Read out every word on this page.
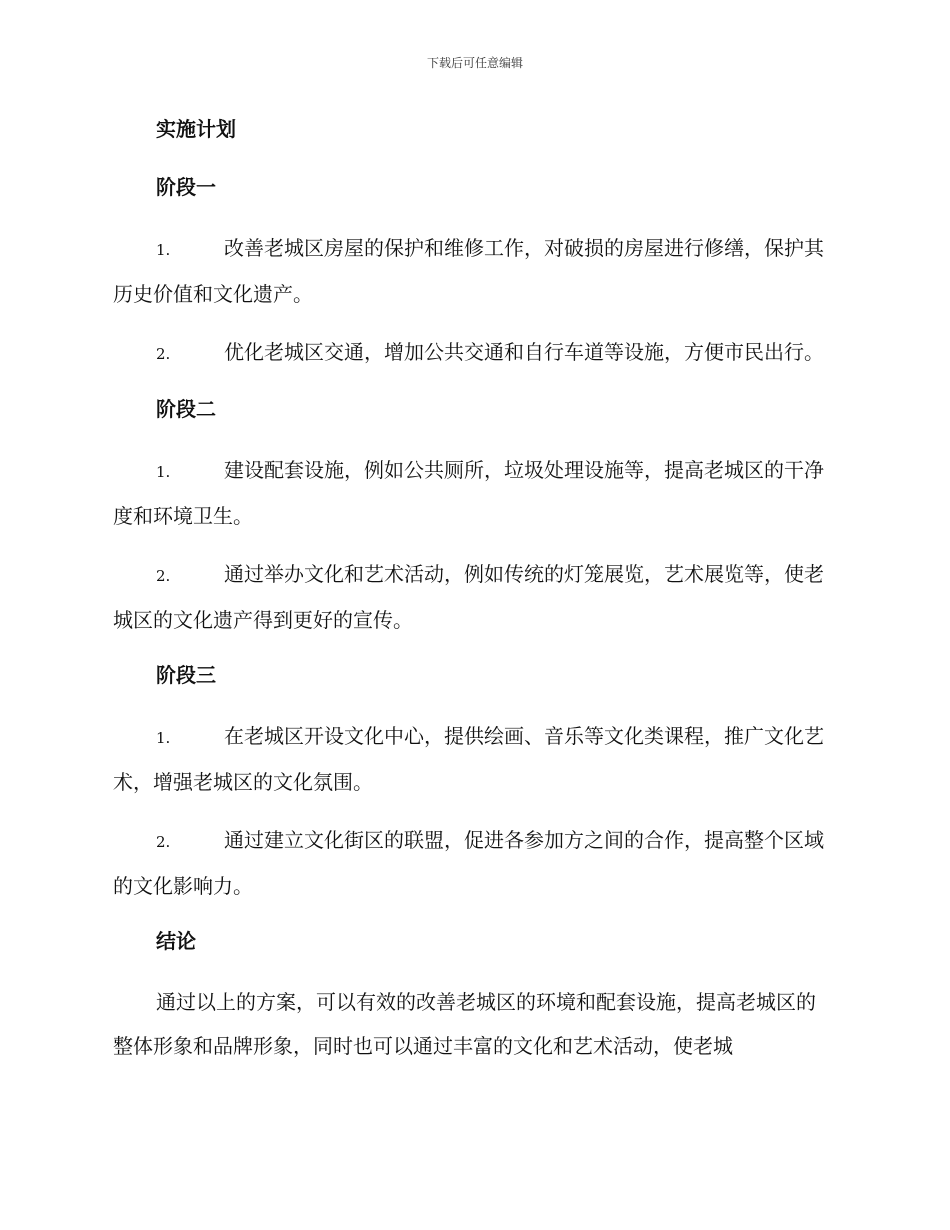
下载后可任意编辑
实施计划
阶段一
1.	改善老城区房屋的保护和维修工作，对破损的房屋进行修缮，保护其历史价值和文化遗产。
2.	优化老城区交通，增加公共交通和自行车道等设施，方便市民出行。
阶段二
1.	建设配套设施，例如公共厕所，垃圾处理设施等，提高老城区的干净度和环境卫生。
2.	通过举办文化和艺术活动，例如传统的灯笼展览，艺术展览等，使老城区的文化遗产得到更好的宣传。
阶段三
1.	在老城区开设文化中心，提供绘画、音乐等文化类课程，推广文化艺术，增强老城区的文化氛围。
2.	通过建立文化街区的联盟，促进各参加方之间的合作，提高整个区域的文化影响力。
结论

通过以上的方案，可以有效的改善老城区的环境和配套设施，提高老城区的整体形象和品牌形象，同时也可以通过丰富的文化和艺术活动，使老城
